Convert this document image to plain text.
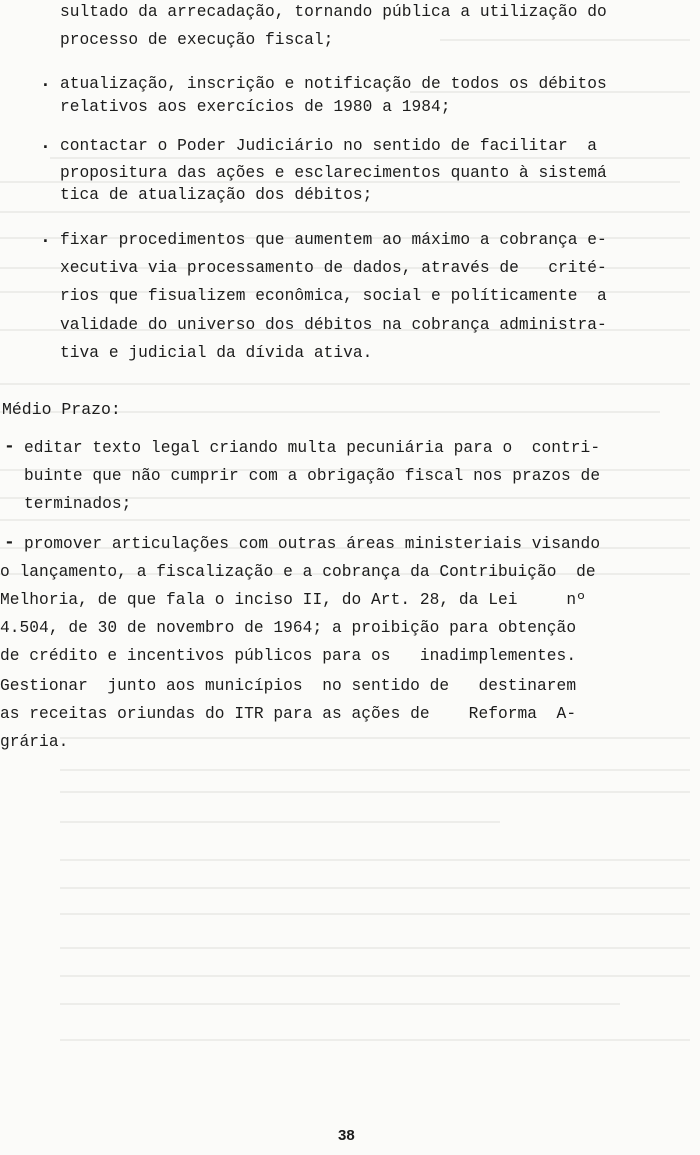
sultado da arrecadação, tornando pública a utilização do
processo de execução fiscal;
. atualização, inscrição e notificação de todos os débitos
relativos aos exercícios de 1980 a 1984;
. contactar o Poder Judiciário no sentido de facilitar  a
propositura das ações e esclarecimentos quanto à sistemá
tica de atualização dos débitos;
. fixar procedimentos que aumentem ao máximo a cobrança e-
xecutiva via processamento de dados, através de   crité-
rios que fisualizem econômica, social e políticamente  a
validade do universo dos débitos na cobrança administra-
tiva e judicial da dívida ativa.
Médio Prazo:
- editar texto legal criando multa pecuniária para o  contri-
buinte que não cumprir com a obrigação fiscal nos prazos de
terminados;
- promover articulações com outras áreas ministeriais visando
o lançamento, a fiscalização e a cobrança da Contribuição  de
Melhoria, de que fala o inciso II, do Art. 28, da Lei     nº
4.504, de 30 de novembro de 1964; a proibição para obtenção
de crédito e incentivos públicos para os   inadimplementes.
Gestionar  junto aos municípios  no sentido de   destinarem
as receitas oriundas do ITR para as ações de    Reforma  A-
grária.
38
